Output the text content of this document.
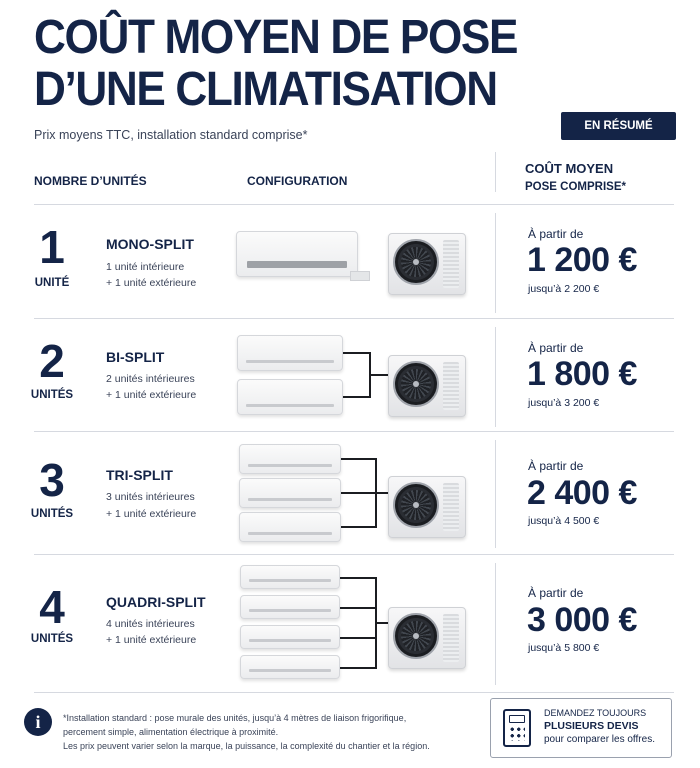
COÛT MOYEN DE POSE
D’UNE CLIMATISATION
Prix moyens TTC, installation standard comprise*
EN RÉSUMÉ
NOMBRE D’UNITÉS	CONFIGURATION
COÛT MOYEN
POSE COMPRISE*
1
UNITÉ
MONO-SPLIT
1 unité intérieure
+ 1 unité extérieure
À partir de
1 200 €
jusqu’à 2 200 €
2
UNITÉS
BI-SPLIT
2 unités intérieures
+ 1 unité extérieure
À partir de
1 800 €
jusqu’à 3 200 €
3
UNITÉS
TRI-SPLIT
3 unités intérieures
+ 1 unité extérieure
À partir de
2 400 €
jusqu’à 4 500 €
4
UNITÉS
QUADRI-SPLIT
4 unités intérieures
+ 1 unité extérieure
À partir de
3 000 €
jusqu’à 5 800 €
i	*Installation standard : pose murale des unités, jusqu’à 4 mètres de liaison frigorifique,
percement simple, alimentation électrique à proximité.
Les prix peuvent varier selon la marque, la puissance, la complexité du chantier et la région.
DEMANDEZ TOUJOURS
PLUSIEURS DEVIS
pour comparer les offres.
